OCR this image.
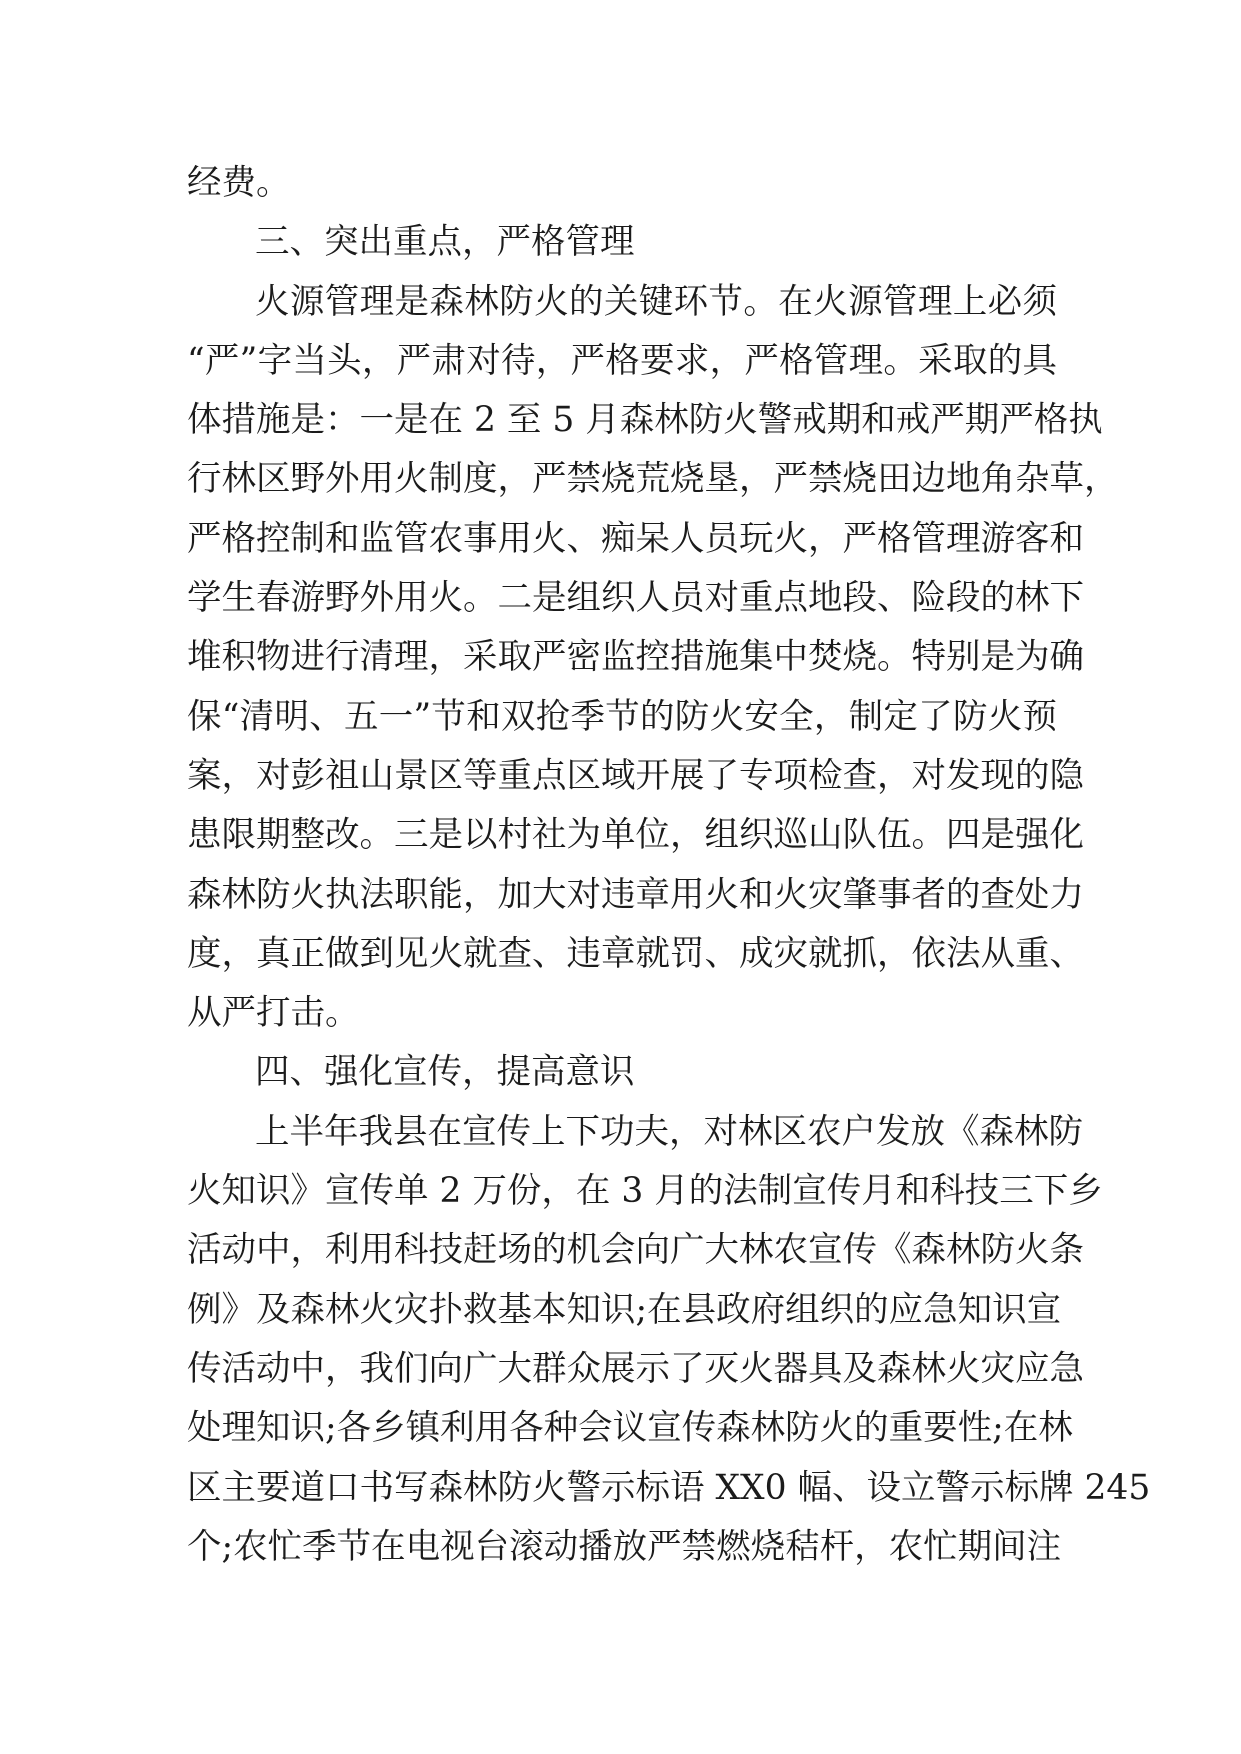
经费。
三、突出重点，严格管理
火源管理是森林防火的关键环节。在火源管理上必须
“严”字当头，严肃对待，严格要求，严格管理。采取的具
体措施是：一是在 2 至 5 月森林防火警戒期和戒严期严格执
行林区野外用火制度，严禁烧荒烧垦，严禁烧田边地角杂草，
严格控制和监管农事用火、痴呆人员玩火，严格管理游客和
学生春游野外用火。二是组织人员对重点地段、险段的林下
堆积物进行清理，采取严密监控措施集中焚烧。特别是为确
保“清明、五一”节和双抢季节的防火安全，制定了防火预
案，对彭祖山景区等重点区域开展了专项检查，对发现的隐
患限期整改。三是以村社为单位，组织巡山队伍。四是强化
森林防火执法职能，加大对违章用火和火灾肇事者的查处力
度，真正做到见火就查、违章就罚、成灾就抓，依法从重、
从严打击。
四、强化宣传，提高意识
上半年我县在宣传上下功夫，对林区农户发放《森林防
火知识》宣传单 2 万份，在 3 月的法制宣传月和科技三下乡
活动中，利用科技赶场的机会向广大林农宣传《森林防火条
例》及森林火灾扑救基本知识;在县政府组织的应急知识宣
传活动中，我们向广大群众展示了灭火器具及森林火灾应急
处理知识;各乡镇利用各种会议宣传森林防火的重要性;在林
区主要道口书写森林防火警示标语 XX0 幅、设立警示标牌 245
个;农忙季节在电视台滚动播放严禁燃烧秸杆，农忙期间注
